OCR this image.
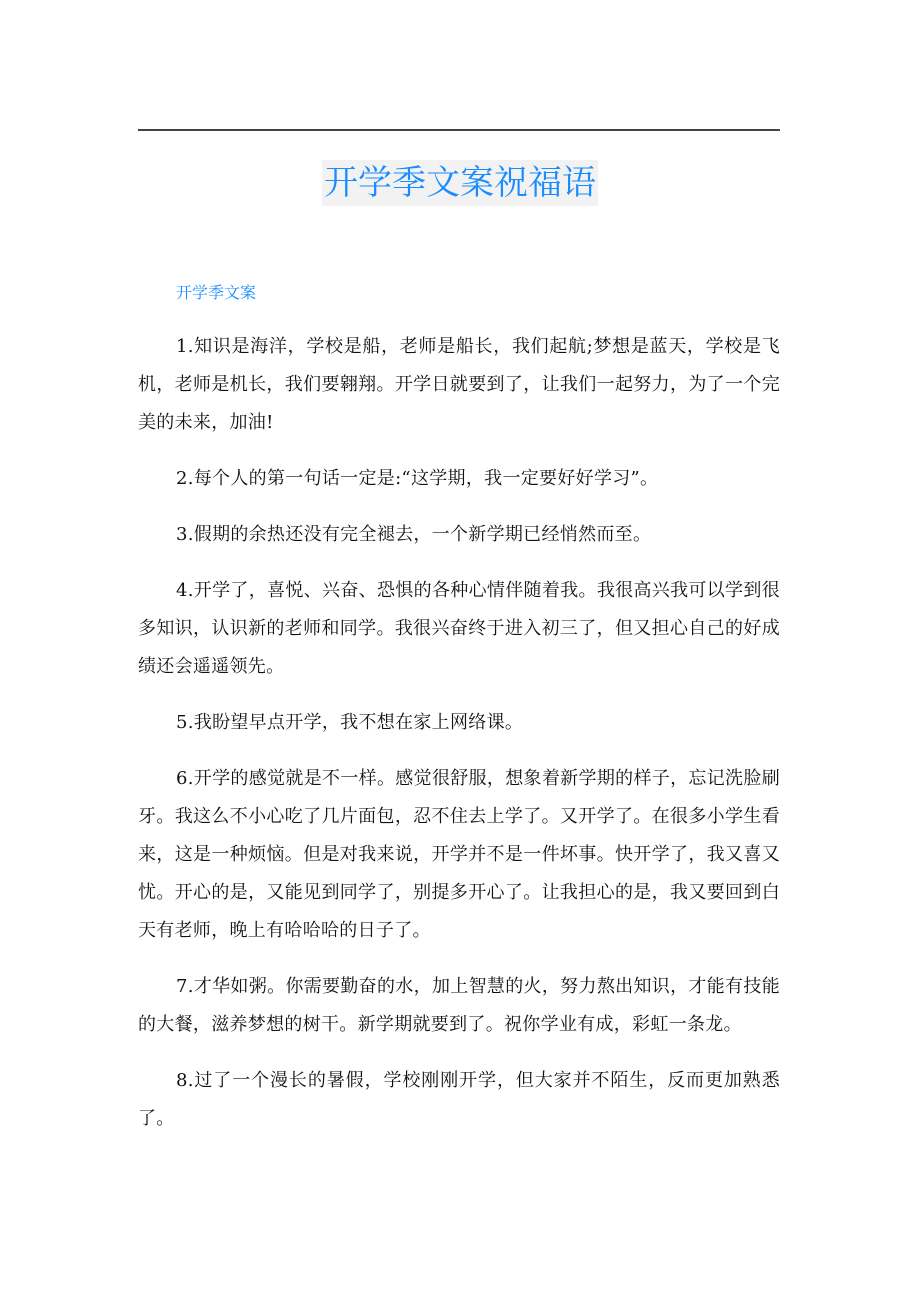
开学季文案祝福语
开学季文案

1.知识是海洋，学校是船，老师是船长，我们起航;梦想是蓝天，学校是飞机，老师是机长，我们要翱翔。开学日就要到了，让我们一起努力，为了一个完美的未来，加油!

2.每个人的第一句话一定是:“这学期，我一定要好好学习”。

3.假期的余热还没有完全褪去，一个新学期已经悄然而至。

4.开学了，喜悦、兴奋、恐惧的各种心情伴随着我。我很高兴我可以学到很多知识，认识新的老师和同学。我很兴奋终于进入初三了，但又担心自己的好成绩还会遥遥领先。

5.我盼望早点开学，我不想在家上网络课。

6.开学的感觉就是不一样。感觉很舒服，想象着新学期的样子，忘记洗脸刷牙。我这么不小心吃了几片面包，忍不住去上学了。又开学了。在很多小学生看来，这是一种烦恼。但是对我来说，开学并不是一件坏事。快开学了，我又喜又忧。开心的是，又能见到同学了，别提多开心了。让我担心的是，我又要回到白天有老师，晚上有哈哈哈的日子了。

7.才华如粥。你需要勤奋的水，加上智慧的火，努力熬出知识，才能有技能的大餐，滋养梦想的树干。新学期就要到了。祝你学业有成，彩虹一条龙。

8.过了一个漫长的暑假，学校刚刚开学，但大家并不陌生，反而更加熟悉了。
